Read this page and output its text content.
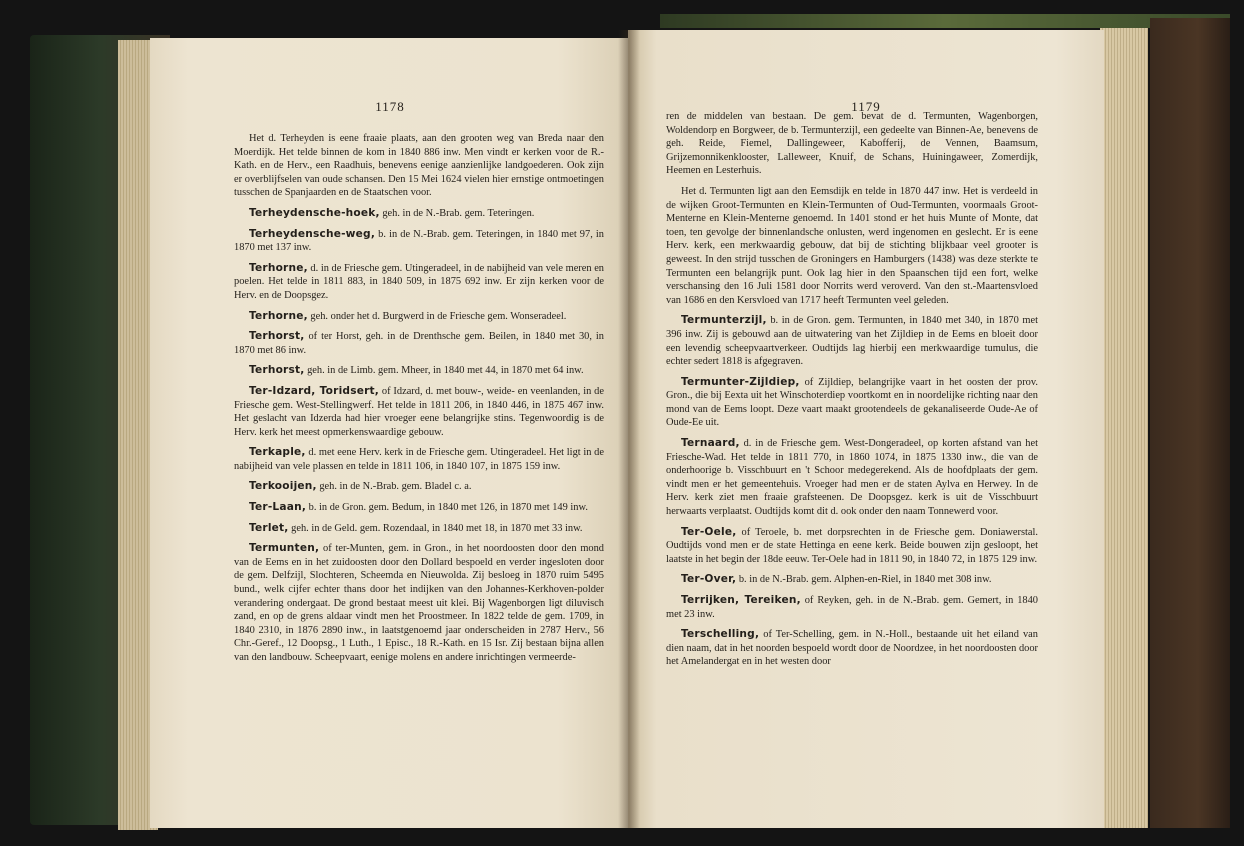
1178

Het d. Terheyden is eene fraaie plaats, aan den grooten weg van Breda naar den Moerdijk. Het telde binnen de kom in 1840 886 inw. Men vindt er kerken voor de R.-Kath. en de Herv., een Raadhuis, benevens eenige aanzienlijke landgoederen. Ook zijn er overblijfselen van oude schansen. Den 15 Mei 1624 vielen hier ernstige ontmoetingen tusschen de Spanjaarden en de Staatschen voor.

Terheydensche-hoek, geh. in de N.-Brab. gem. Teteringen.

Terheydensche-weg, b. in de N.-Brab. gem. Teteringen, in 1840 met 97, in 1870 met 137 inw.

Terhorne, d. in de Friesche gem. Utingeradeel, in de nabijheid van vele meren en poelen. Het telde in 1811 883, in 1840 509, in 1875 692 inw. Er zijn kerken voor de Herv. en de Doopsgez.

Terhorne, geh. onder het d. Burgwerd in de Friesche gem. Wonseradeel.

Terhorst, of ter Horst, geh. in de Drenthsche gem. Beilen, in 1840 met 30, in 1870 met 86 inw.

Terhorst, geh. in de Limb. gem. Mheer, in 1840 met 44, in 1870 met 64 inw.

Ter-Idzard, Toridsert, of Idzard, d. met bouw-, weide- en veenlanden, in de Friesche gem. West-Stellingwerf. Het telde in 1811 206, in 1840 446, in 1875 467 inw. Het geslacht van Idzerda had hier vroeger eene belangrijke stins. Tegenwoordig is de Herv. kerk het meest opmerkenswaardige gebouw.

Terkaple, d. met eene Herv. kerk in de Friesche gem. Utingeradeel. Het ligt in de nabijheid van vele plassen en telde in 1811 106, in 1840 107, in 1875 159 inw.

Terkooijen, geh. in de N.-Brab. gem. Bladel c. a.

Ter-Laan, b. in de Gron. gem. Bedum, in 1840 met 126, in 1870 met 149 inw.

Terlet, geh. in de Geld. gem. Rozendaal, in 1840 met 18, in 1870 met 33 inw.

Termunten, of ter-Munten, gem. in Gron., in het noordoosten door den mond van de Eems en in het zuidoosten door den Dollard bespoeld en verder ingesloten door de gem. Delfzijl, Slochteren, Scheemda en Nieuwolda. Zij besloeg in 1870 ruim 5495 bund., welk cijfer echter thans door het indijken van den Johannes-Kerkhoven-polder verandering ondergaat. De grond bestaat meest uit klei. Bij Wagenborgen ligt diluvisch zand, en op de grens aldaar vindt men het Proostmeer. In 1822 telde de gem. 1709, in 1840 2310, in 1876 2890 inw., in laatstgenoemd jaar onderscheiden in 2787 Herv., 56 Chr.-Geref., 12 Doopsg., 1 Luth., 1 Episc., 18 R.-Kath. en 15 Isr. Zij bestaan bijna allen van den landbouw. Scheepvaart, eenige molens en andere inrichtingen vermeerde-

1179

ren de middelen van bestaan. De gem. bevat de d. Termunten, Wagenborgen, Woldendorp en Borgweer, de b. Termunterzijl, een gedeelte van Binnen-Ae, benevens de geh. Reide, Fiemel, Dallingeweer, Kabofferij, de Vennen, Baamsum, Grijzemonnikenklooster, Lalleweer, Knuif, de Schans, Huiningaweer, Zomerdijk, Heemen en Lesterhuis.

Het d. Termunten ligt aan den Eemsdijk en telde in 1870 447 inw. Het is verdeeld in de wijken Groot-Termunten en Klein-Termunten of Oud-Termunten, voormaals Groot-Menterne en Klein-Menterne genoemd. In 1401 stond er het huis Munte of Monte, dat toen, ten gevolge der binnenlandsche onlusten, werd ingenomen en geslecht. Er is eene Herv. kerk, een merkwaardig gebouw, dat bij de stichting blijkbaar veel grooter is geweest. In den strijd tusschen de Groningers en Hamburgers (1438) was deze sterkte te Termunten een belangrijk punt. Ook lag hier in den Spaanschen tijd een fort, welke verschansing den 16 Juli 1581 door Norrits werd veroverd. Van den st.-Maartensvloed van 1686 en den Kersvloed van 1717 heeft Termunten veel geleden.

Termunterzijl, b. in de Gron. gem. Termunten, in 1840 met 340, in 1870 met 396 inw. Zij is gebouwd aan de uitwatering van het Zijldiep in de Eems en bloeit door een levendig scheepvaartverkeer. Oudtijds lag hierbij een merkwaardige tumulus, die echter sedert 1818 is afgegraven.

Termunter-Zijldiep, of Zijldiep, belangrijke vaart in het oosten der prov. Gron., die bij Eexta uit het Winschoterdiep voortkomt en in noordelijke richting naar den mond van de Eems loopt. Deze vaart maakt grootendeels de gekanaliseerde Oude-Ae of Oude-Ee uit.

Ternaard, d. in de Friesche gem. West-Dongeradeel, op korten afstand van het Friesche-Wad. Het telde in 1811 770, in 1860 1074, in 1875 1330 inw., die van de onderhoorige b. Visschbuurt en 't Schoor medegerekend. Als de hoofdplaats der gem. vindt men er het gemeentehuis. Vroeger had men er de staten Aylva en Herwey. In de Herv. kerk ziet men fraaie grafsteenen. De Doopsgez. kerk is uit de Visschbuurt herwaarts verplaatst. Oudtijds komt dit d. ook onder den naam Tonnewerd voor.

Ter-Oele, of Teroele, b. met dorpsrechten in de Friesche gem. Doniawerstal. Oudtijds vond men er de state Hettinga en eene kerk. Beide bouwen zijn gesloopt, het laatste in het begin der 18de eeuw. Ter-Oele had in 1811 90, in 1840 72, in 1875 129 inw.

Ter-Over, b. in de N.-Brab. gem. Alphen-en-Riel, in 1840 met 308 inw.

Terrijken, Tereiken, of Reyken, geh. in de N.-Brab. gem. Gemert, in 1840 met 23 inw.

Terschelling, of Ter-Schelling, gem. in N.-Holl., bestaande uit het eiland van dien naam, dat in het noorden bespoeld wordt door de Noordzee, in het noordoosten door het Amelandergat en in het westen door
